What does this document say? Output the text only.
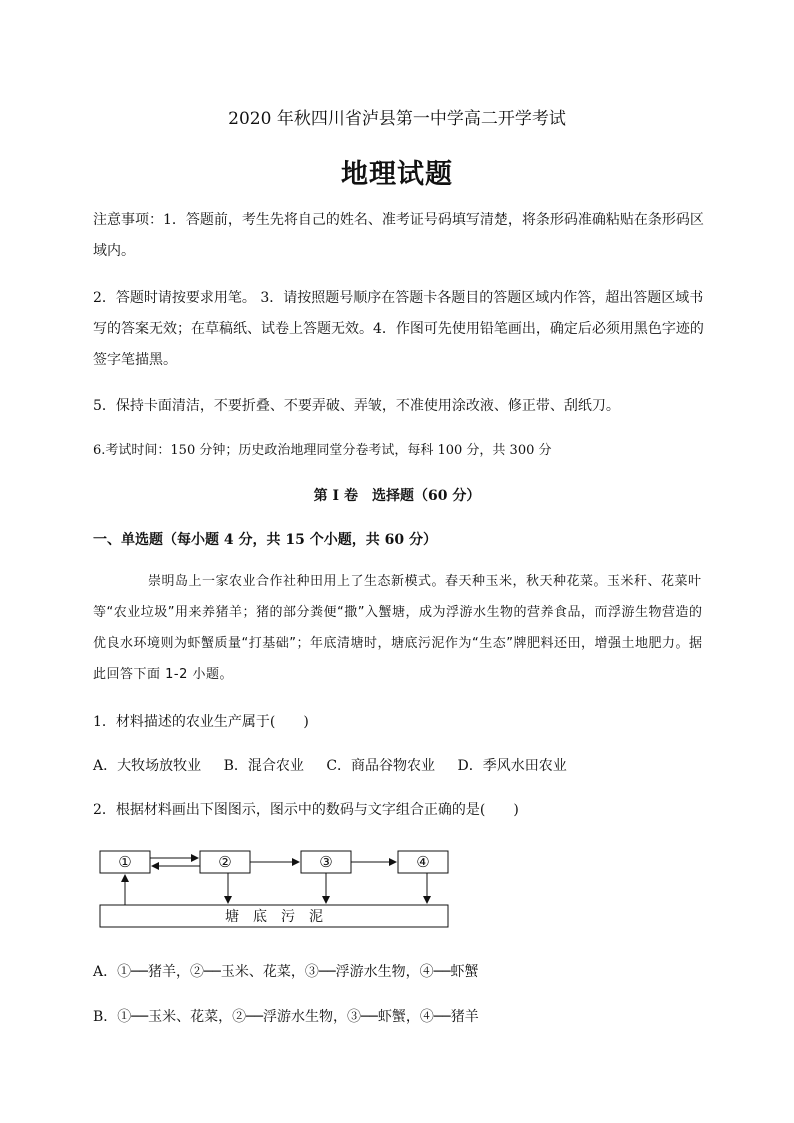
2020 年秋四川省泸县第一中学高二开学考试
地理试题
注意事项：1．答题前，考生先将自己的姓名、准考证号码填写清楚，将条形码准确粘贴在条形码区域内。
2．答题时请按要求用笔。 3．请按照题号顺序在答题卡各题目的答题区域内作答，超出答题区域书写的答案无效；在草稿纸、试卷上答题无效。4．作图可先使用铅笔画出，确定后必须用黑色字迹的签字笔描黑。
5．保持卡面清洁，不要折叠、不要弄破、弄皱，不准使用涂改液、修正带、刮纸刀。
6.考试时间：150 分钟；历史政治地理同堂分卷考试，每科 100 分，共 300 分
第 I 卷　选择题（60 分）
一、单选题（每小题 4 分，共 15 个小题，共 60 分）
崇明岛上一家农业合作社种田用上了生态新模式。春天种玉米，秋天种花菜。玉米秆、花菜叶等“农业垃圾”用来养猪羊；猪的部分粪便“撒”入蟹塘，成为浮游水生物的营养食品，而浮游生物营造的优良水环境则为虾蟹质量“打基础”；年底清塘时，塘底污泥作为“生态”牌肥料还田，增强土地肥力。据此回答下面 1-2 小题。
1．材料描述的农业生产属于(　　)
A．大牧场放牧业 B．混合农业 C．商品谷物农业 D．季风水田农业
2．根据材料画出下图图示，图示中的数码与文字组合正确的是(　　)
①	②	③	④
塘　底　污　泥
A．①──猪羊，②──玉米、花菜，③──浮游水生物，④──虾蟹
B．①──玉米、花菜，②──浮游水生物，③──虾蟹，④──猪羊
